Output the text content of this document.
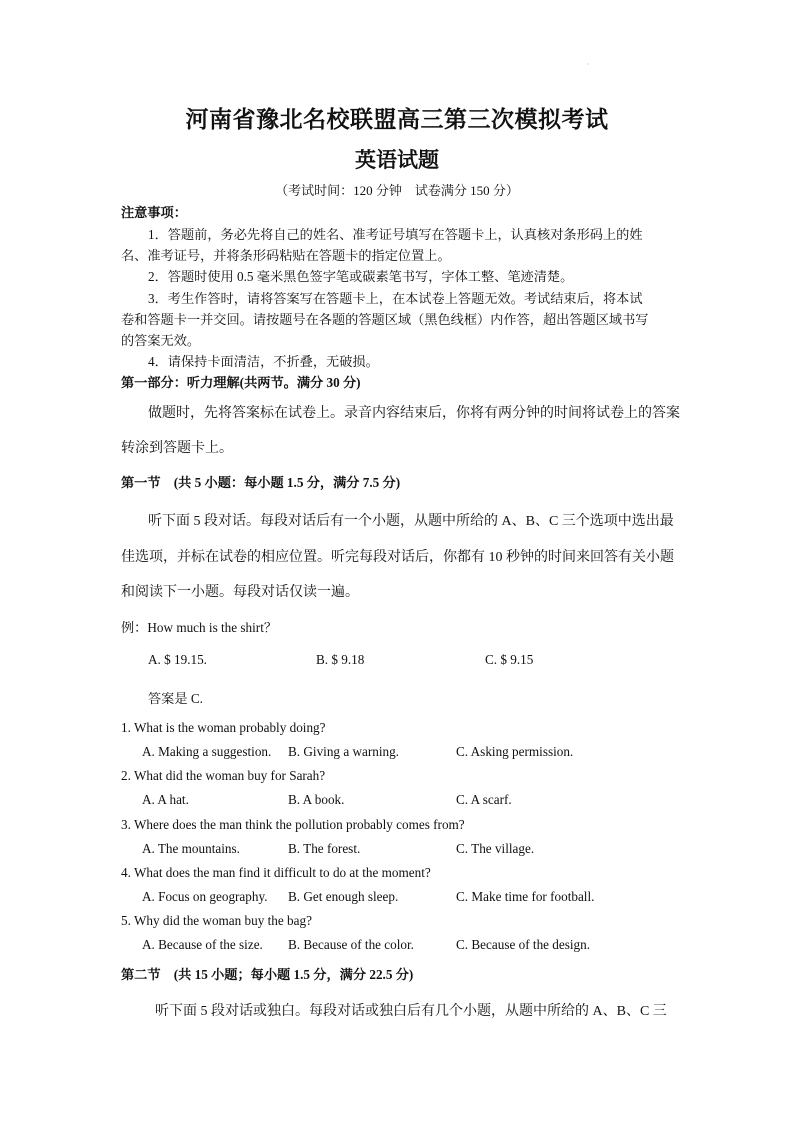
·
河南省豫北名校联盟高三第三次模拟考试
英语试题
（考试时间：120 分钟　试卷满分 150 分）
注意事项：
1．答题前，务必先将自己的姓名、准考证号填写在答题卡上，认真核对条形码上的姓
名、准考证号，并将条形码粘贴在答题卡的指定位置上。
2．答题时使用 0.5 毫米黑色签字笔或碳素笔书写，字体工整、笔迹清楚。
3．考生作答时，请将答案写在答题卡上，在本试卷上答题无效。考试结束后，将本试
卷和答题卡一并交回。请按题号在各题的答题区域（黑色线框）内作答，超出答题区域书写
的答案无效。
4．请保持卡面清洁，不折叠，无破损。
第一部分：听力理解(共两节。满分 30 分)
做题时，先将答案标在试卷上。录音内容结束后，你将有两分钟的时间将试卷上的答案
转涂到答题卡上。
第一节　(共 5 小题：每小题 1.5 分，满分 7.5 分)
听下面 5 段对话。每段对话后有一个小题，从题中所给的 A、B、C 三个选项中选出最
佳选项，并标在试卷的相应位置。听完每段对话后，你都有 10 秒钟的时间来回答有关小题
和阅读下一小题。每段对话仅读一遍。
例：How much is the shirt？
A. $ 19.15.	B. $ 9.18	C. $ 9.15
答案是 C.
1. What is the woman probably doing?
A. Making a suggestion. B. Giving a warning.	C. Asking permission.
2. What did the woman buy for Sarah?
A. A hat.	B. A book.	C. A scarf.
3. Where does the man think the pollution probably comes from?
A. The mountains.	B. The forest.	C. The village.
4. What does the man find it difficult to do at the moment?
A. Focus on geography. B. Get enough sleep.	C. Make time for football.
5. Why did the woman buy the bag?
A. Because of the size. B. Because of the color.	C. Because of the design.
第二节　(共 15 小题；每小题 1.5 分，满分 22.5 分)
听下面 5 段对话或独白。每段对话或独白后有几个小题，从题中所给的 A、B、C 三
